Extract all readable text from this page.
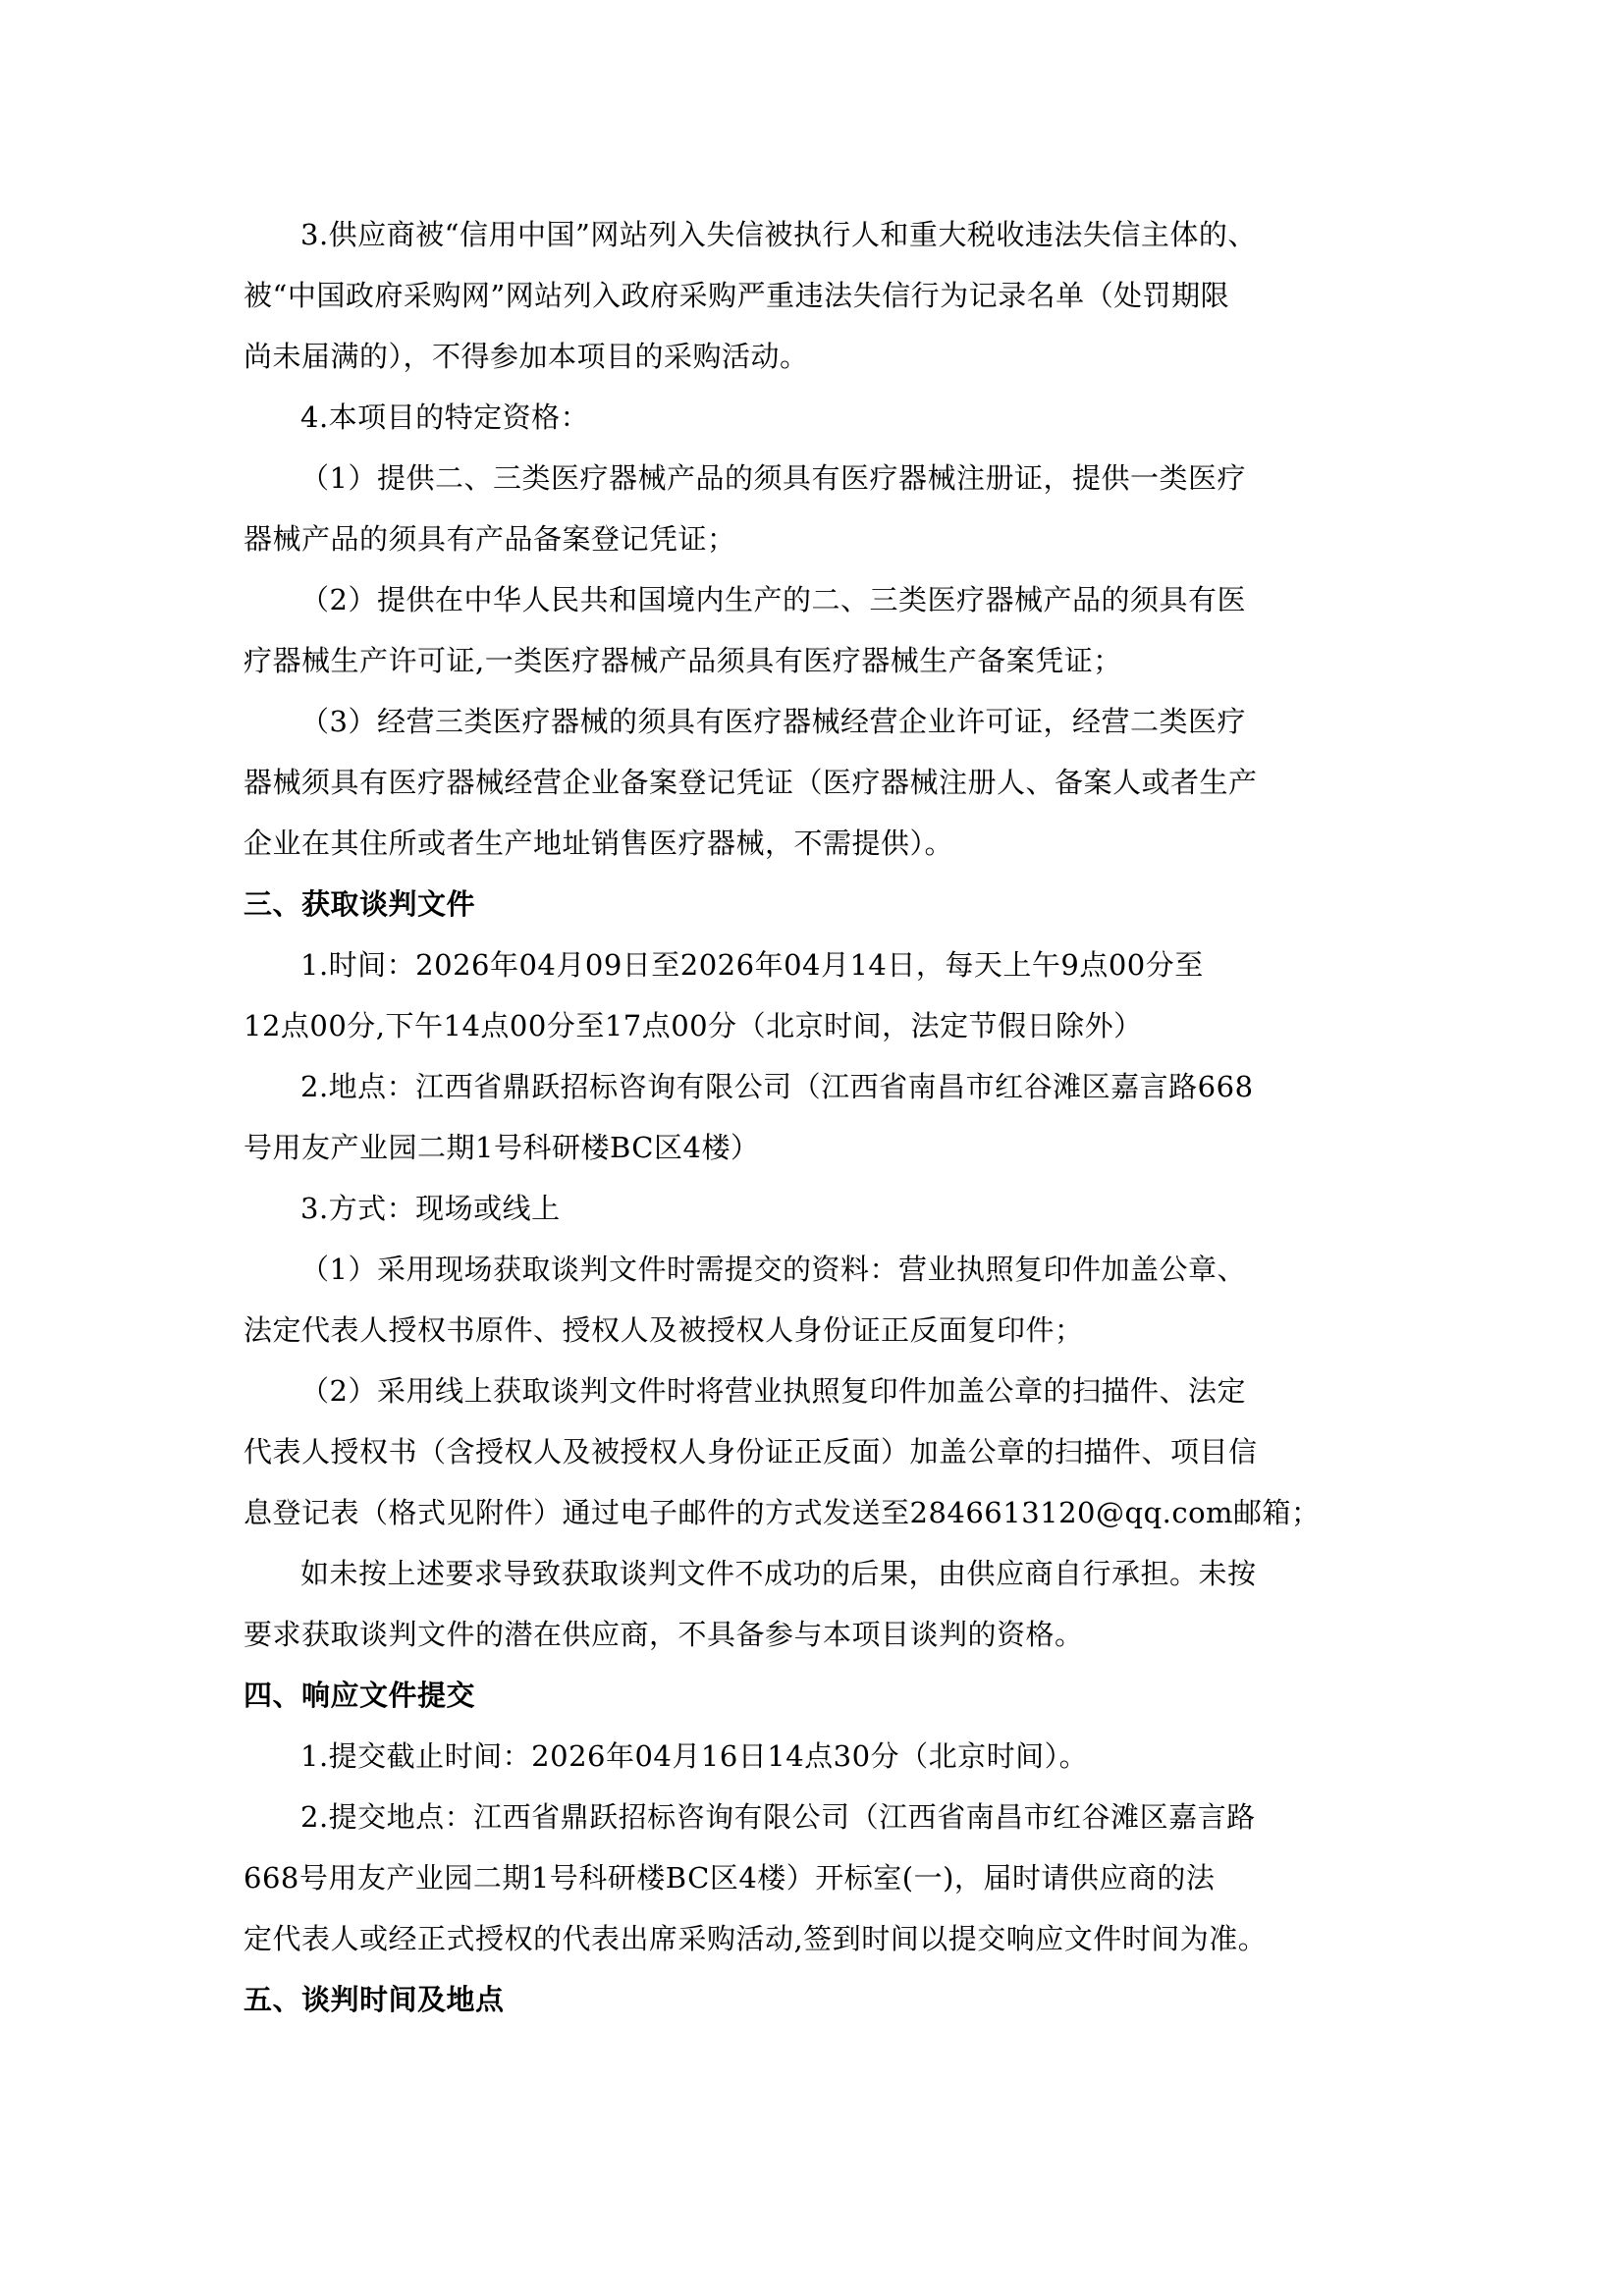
3.供应商被“信用中国”网站列入失信被执行人和重大税收违法失信主体的、
被“中国政府采购网”网站列入政府采购严重违法失信行为记录名单（处罚期限
尚未届满的），不得参加本项目的采购活动。
4.本项目的特定资格：
（1）提供二、三类医疗器械产品的须具有医疗器械注册证，提供一类医疗
器械产品的须具有产品备案登记凭证；
（2）提供在中华人民共和国境内生产的二、三类医疗器械产品的须具有医
疗器械生产许可证,一类医疗器械产品须具有医疗器械生产备案凭证；
（3）经营三类医疗器械的须具有医疗器械经营企业许可证，经营二类医疗
器械须具有医疗器械经营企业备案登记凭证（医疗器械注册人、备案人或者生产
企业在其住所或者生产地址销售医疗器械，不需提供）。
三、获取谈判文件
1.时间：2026年04月09日至2026年04月14日，每天上午9点00分至
12点00分,下午14点00分至17点00分（北京时间，法定节假日除外）
2.地点：江西省鼎跃招标咨询有限公司（江西省南昌市红谷滩区嘉言路668
号用友产业园二期1号科研楼BC区4楼）
3.方式：现场或线上
（1）采用现场获取谈判文件时需提交的资料：营业执照复印件加盖公章、
法定代表人授权书原件、授权人及被授权人身份证正反面复印件；
（2）采用线上获取谈判文件时将营业执照复印件加盖公章的扫描件、法定
代表人授权书（含授权人及被授权人身份证正反面）加盖公章的扫描件、项目信
息登记表（格式见附件）通过电子邮件的方式发送至2846613120@qq.com邮箱；
如未按上述要求导致获取谈判文件不成功的后果，由供应商自行承担。未按
要求获取谈判文件的潜在供应商，不具备参与本项目谈判的资格。
四、响应文件提交
1.提交截止时间：2026年04月16日14点30分（北京时间）。
2.提交地点：江西省鼎跃招标咨询有限公司（江西省南昌市红谷滩区嘉言路
668号用友产业园二期1号科研楼BC区4楼）开标室(一)，届时请供应商的法
定代表人或经正式授权的代表出席采购活动,签到时间以提交响应文件时间为准。
五、谈判时间及地点
